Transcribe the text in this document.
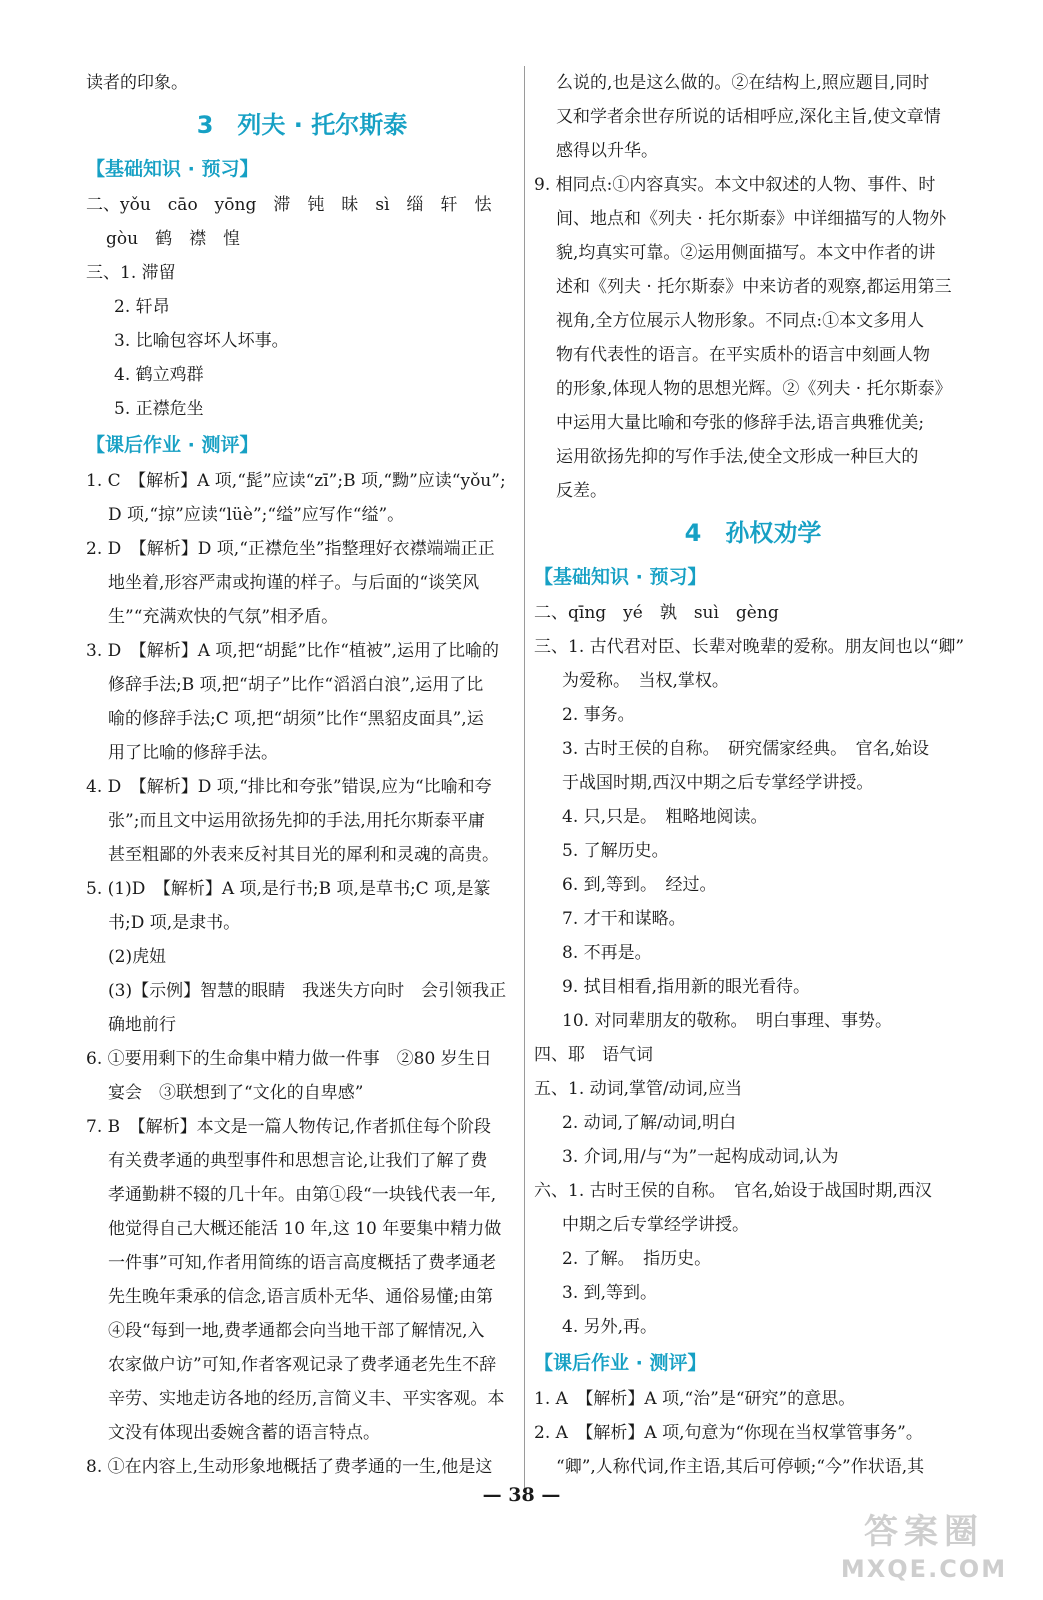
读者的印象。
3　列夫 · 托尔斯泰
【基础知识 · 预习】
二、yǒu　cāo　yōng　滞　钝　昧　sì　缁　轩　怯
gòu　鹤　襟　惶
三、1. 滞留
2. 轩昂
3. 比喻包容坏人坏事。
4. 鹤立鸡群
5. 正襟危坐
【课后作业 · 测评】
1. C　【解析】A 项,“髭”应读“zī”;B 项,“黝”应读“yǒu”;
D 项,“掠”应读“lüè”;“缢”应写作“缢”。
2. D　【解析】D 项,“正襟危坐”指整理好衣襟端端正正
地坐着,形容严肃或拘谨的样子。与后面的“谈笑风
生”“充满欢快的气氛”相矛盾。
3. D　【解析】A 项,把“胡髭”比作“植被”,运用了比喻的
修辞手法;B 项,把“胡子”比作“滔滔白浪”,运用了比
喻的修辞手法;C 项,把“胡须”比作“黑貂皮面具”,运
用了比喻的修辞手法。
4. D　【解析】D 项,“排比和夸张”错误,应为“比喻和夸
张”;而且文中运用欲扬先抑的手法,用托尔斯泰平庸
甚至粗鄙的外表来反衬其目光的犀利和灵魂的高贵。
5. (1)D　【解析】A 项,是行书;B 项,是草书;C 项,是篆
书;D 项,是隶书。
(2)虎妞
(3)【示例】智慧的眼睛　我迷失方向时　会引领我正
确地前行
6. ①要用剩下的生命集中精力做一件事　②80 岁生日
宴会　③联想到了“文化的自卑感”
7. B　【解析】本文是一篇人物传记,作者抓住每个阶段
有关费孝通的典型事件和思想言论,让我们了解了费
孝通勤耕不辍的几十年。由第①段“一块钱代表一年,
他觉得自己大概还能活 10 年,这 10 年要集中精力做
一件事”可知,作者用简练的语言高度概括了费孝通老
先生晚年秉承的信念,语言质朴无华、通俗易懂;由第
④段“每到一地,费孝通都会向当地干部了解情况,入
农家做户访”可知,作者客观记录了费孝通老先生不辞
辛劳、实地走访各地的经历,言简义丰、平实客观。本
文没有体现出委婉含蓄的语言特点。
8. ①在内容上,生动形象地概括了费孝通的一生,他是这
么说的,也是这么做的。②在结构上,照应题目,同时
又和学者余世存所说的话相呼应,深化主旨,使文章情
感得以升华。
9. 相同点:①内容真实。本文中叙述的人物、事件、时
间、地点和《列夫 · 托尔斯泰》中详细描写的人物外
貌,均真实可靠。②运用侧面描写。本文中作者的讲
述和《列夫 · 托尔斯泰》中来访者的观察,都运用第三
视角,全方位展示人物形象。不同点:①本文多用人
物有代表性的语言。在平实质朴的语言中刻画人物
的形象,体现人物的思想光辉。②《列夫 · 托尔斯泰》
中运用大量比喻和夸张的修辞手法,语言典雅优美;
运用欲扬先抑的写作手法,使全文形成一种巨大的
反差。
4　孙权劝学
【基础知识 · 预习】
二、qīng　yé　孰　suì　gèng
三、1. 古代君对臣、长辈对晚辈的爱称。朋友间也以“卿”
为爱称。　当权,掌权。
2. 事务。
3. 古时王侯的自称。　研究儒家经典。　官名,始设
于战国时期,西汉中期之后专掌经学讲授。
4. 只,只是。　粗略地阅读。
5. 了解历史。
6. 到,等到。　经过。
7. 才干和谋略。
8. 不再是。
9. 拭目相看,指用新的眼光看待。
10. 对同辈朋友的敬称。　明白事理、事势。
四、耶　语气词
五、1. 动词,掌管/动词,应当
2. 动词,了解/动词,明白
3. 介词,用/与“为”一起构成动词,认为
六、1. 古时王侯的自称。　官名,始设于战国时期,西汉
中期之后专掌经学讲授。
2. 了解。　指历史。
3. 到,等到。
4. 另外,再。
【课后作业 · 测评】
1. A　【解析】A 项,“治”是“研究”的意思。
2. A　【解析】A 项,句意为“你现在当权掌管事务”。
“卿”,人称代词,作主语,其后可停顿;“今”作状语,其
— 38 —
答案圈
MXQE.COM
